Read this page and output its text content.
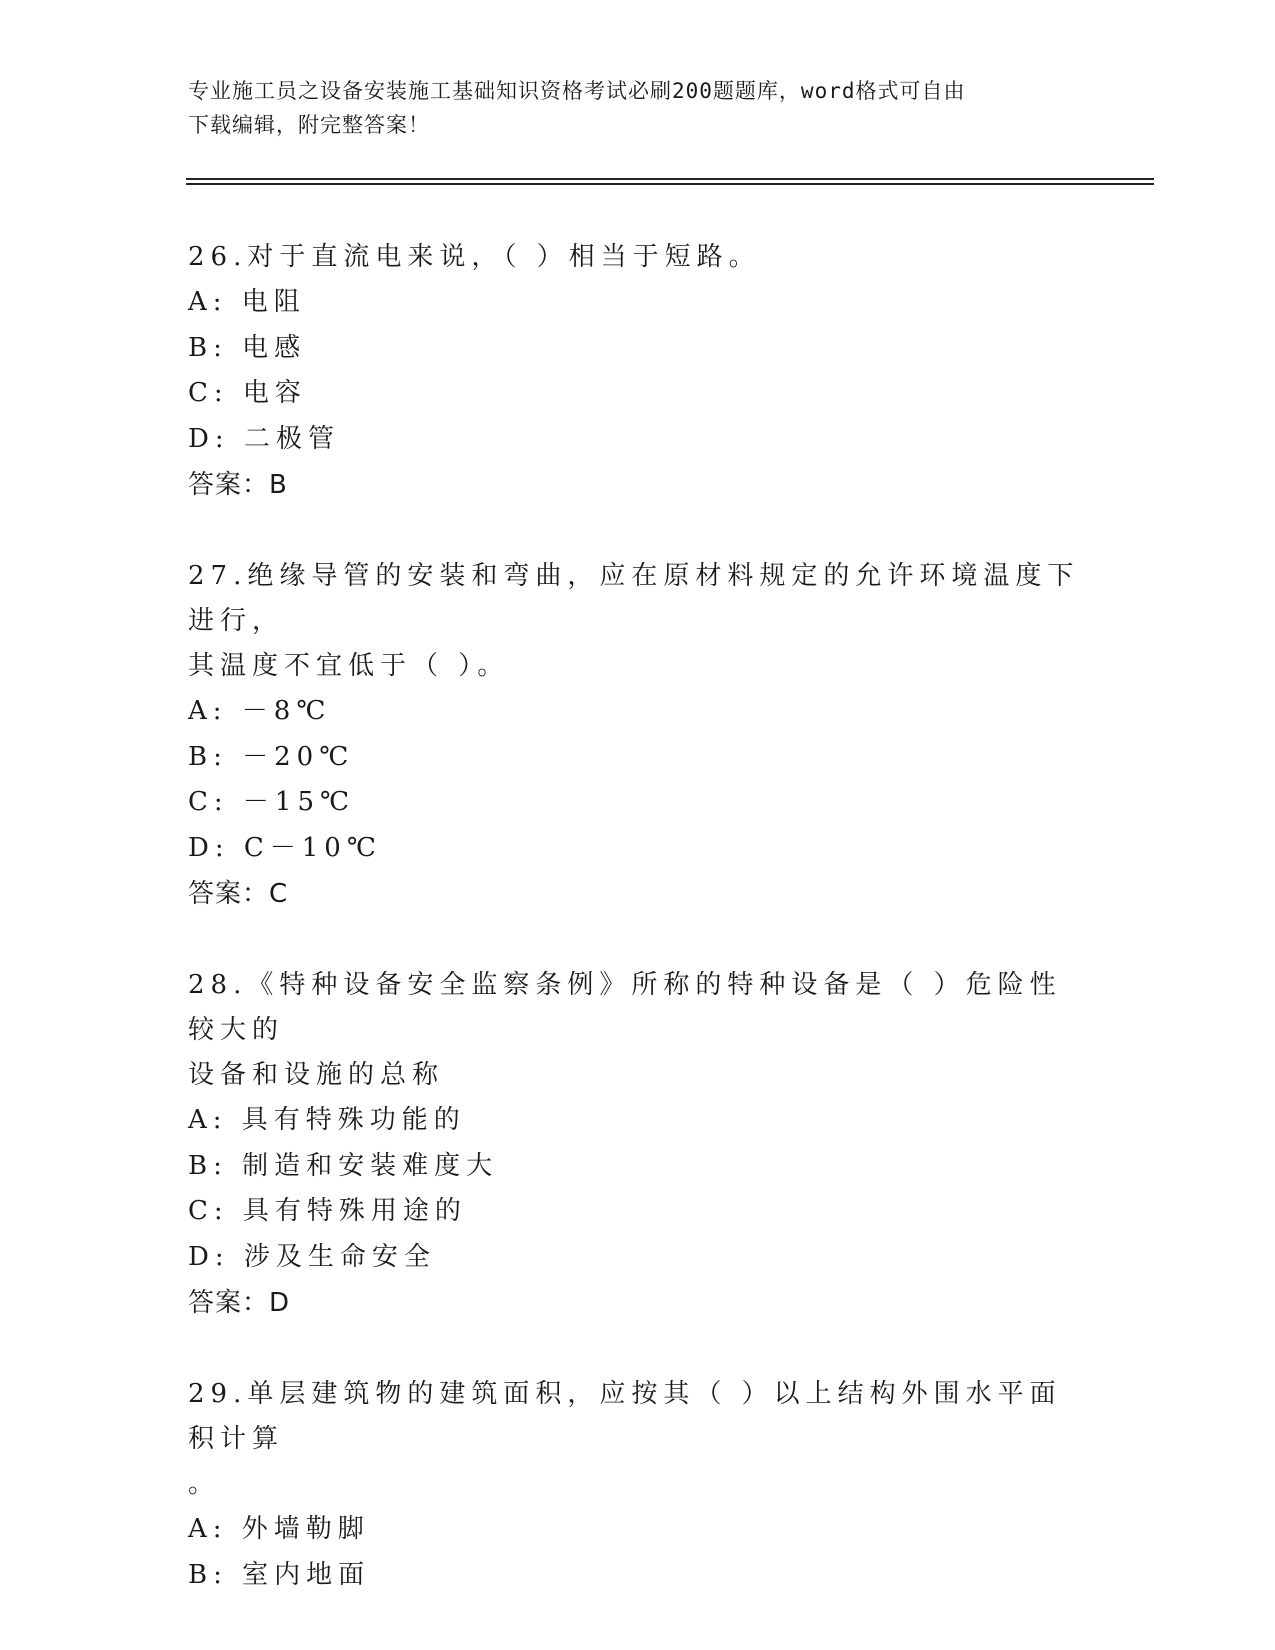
专业施工员之设备安装施工基础知识资格考试必刷200题题库，word格式可自由
下载编辑，附完整答案！
26.对于直流电来说，（ ）相当于短路。
A: 电阻
B: 电感
C: 电容
D: 二极管
答案：B
27.绝缘导管的安装和弯曲，应在原材料规定的允许环境温度下进行，
其温度不宜低于（ ）。
A: －8℃
B: －20℃
C: －15℃
D: C－10℃
答案：C
28.《特种设备安全监察条例》所称的特种设备是（ ）危险性较大的
设备和设施的总称
A: 具有特殊功能的
B: 制造和安装难度大
C: 具有特殊用途的
D: 涉及生命安全
答案：D
29.单层建筑物的建筑面积，应按其（ ）以上结构外围水平面积计算
。
A: 外墙勒脚
B: 室内地面
